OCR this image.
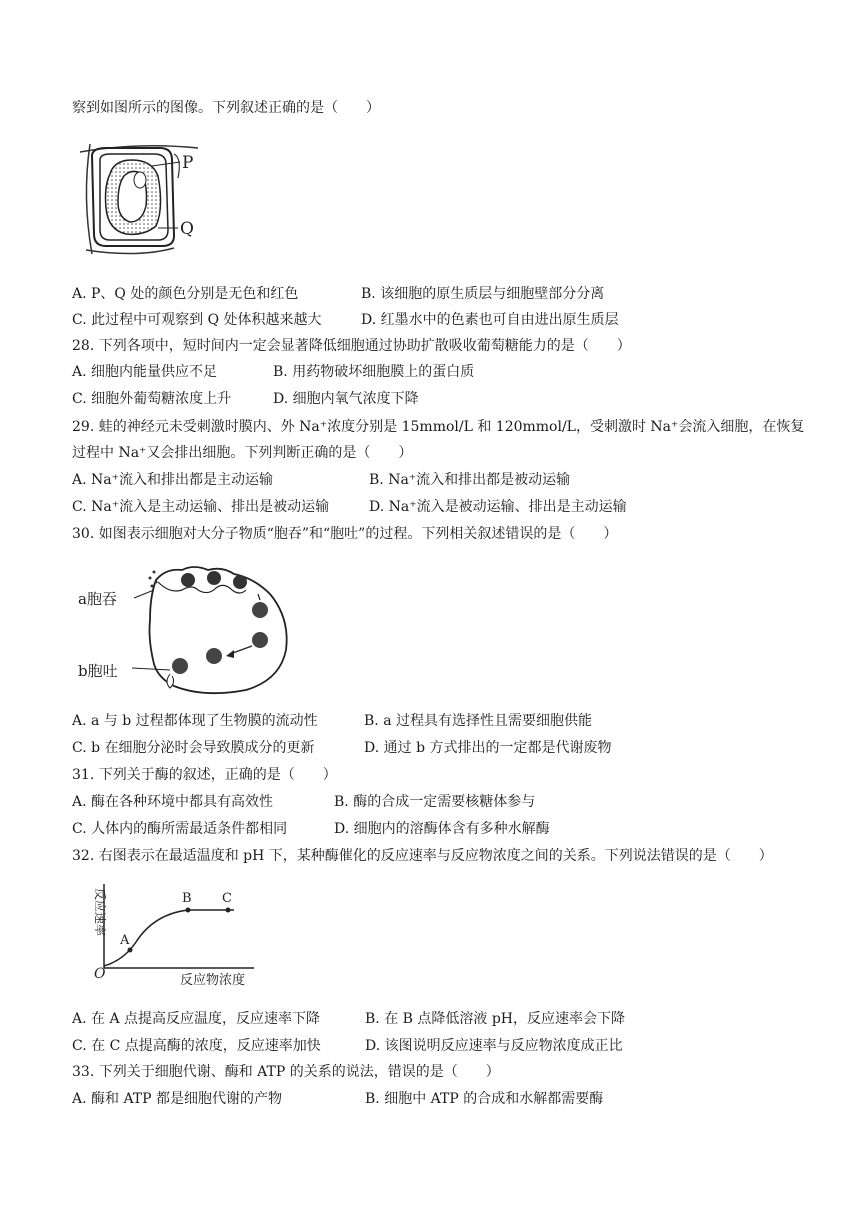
察到如图所示的图像。下列叙述正确的是（　　）
P
Q
A. P、Q 处的颜色分别是无色和红色	B. 该细胞的原生质层与细胞壁部分分离
C. 此过程中可观察到 Q 处体积越来越大	D. 红墨水中的色素也可自由进出原生质层
28. 下列各项中，短时间内一定会显著降低细胞通过协助扩散吸收葡萄糖能力的是（　　）
A. 细胞内能量供应不足	B. 用药物破坏细胞膜上的蛋白质
C. 细胞外葡萄糖浓度上升	D. 细胞内氧气浓度下降
29. 蛙的神经元未受刺激时膜内、外 Na⁺浓度分别是 15mmol/L 和 120mmol/L，受刺激时 Na⁺会流入细胞，在恢复
过程中 Na⁺又会排出细胞。下列判断正确的是（　　）
A. Na⁺流入和排出都是主动运输	B. Na⁺流入和排出都是被动运输
C. Na⁺流入是主动运输、排出是被动运输	D. Na⁺流入是被动运输、排出是主动运输
30. 如图表示细胞对大分子物质“胞吞”和“胞吐”的过程。下列相关叙述错误的是（　　）
a胞吞
b胞吐
A. a 与 b 过程都体现了生物膜的流动性	B. a 过程具有选择性且需要细胞供能
C. b 在细胞分泌时会导致膜成分的更新	D. 通过 b 方式排出的一定都是代谢废物
31. 下列关于酶的叙述，正确的是（　　）
A. 酶在各种环境中都具有高效性	B. 酶的合成一定需要核糖体参与
C. 人体内的酶所需最适条件都相同	D. 细胞内的溶酶体含有多种水解酶
32. 右图表示在最适温度和 pH 下，某种酶催化的反应速率与反应物浓度之间的关系。下列说法错误的是（　　）
O
A
B C
反应物浓度
反应速率
A. 在 A 点提高反应温度，反应速率下降	B. 在 B 点降低溶液 pH，反应速率会下降
C. 在 C 点提高酶的浓度，反应速率加快	D. 该图说明反应速率与反应物浓度成正比
33. 下列关于细胞代谢、酶和 ATP 的关系的说法，错误的是（　　）
A. 酶和 ATP 都是细胞代谢的产物	B. 细胞中 ATP 的合成和水解都需要酶
